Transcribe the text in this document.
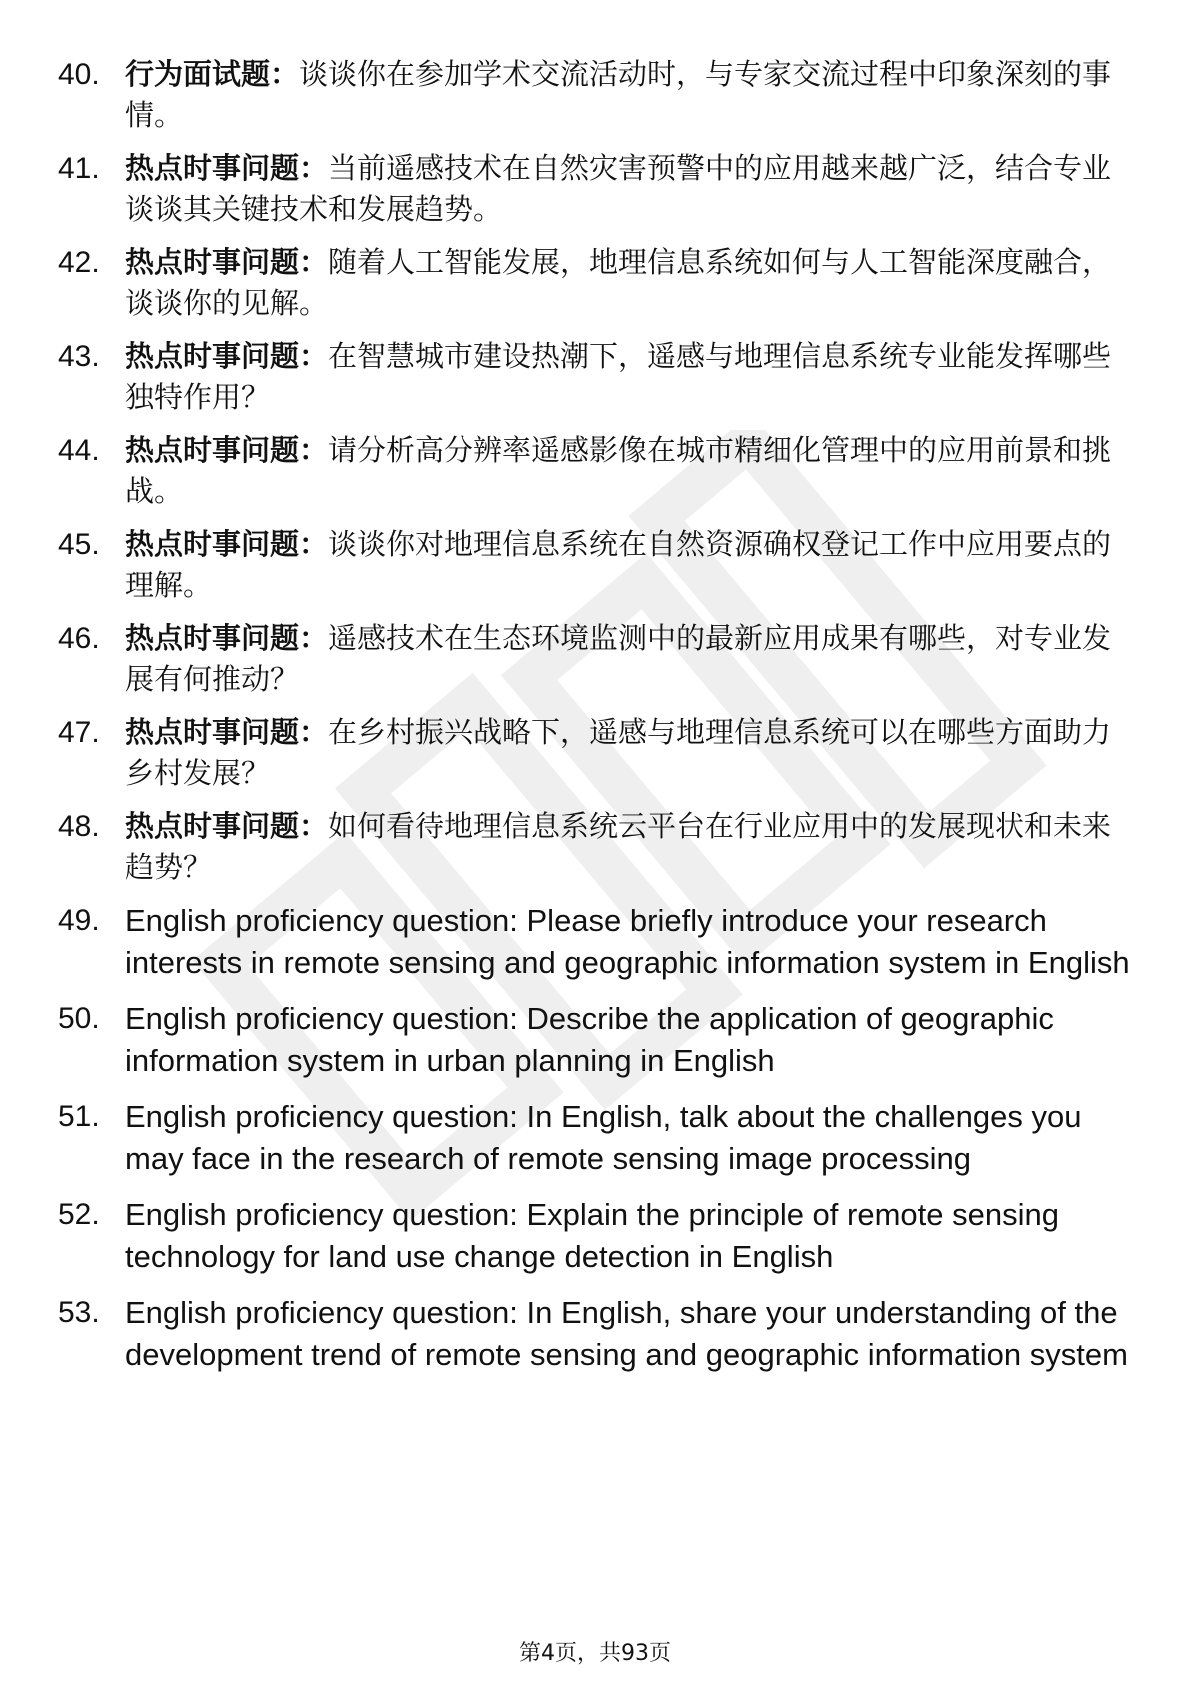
40. 行为面试题：谈谈你在参加学术交流活动时，与专家交流过程中印象深刻的事情。
41. 热点时事问题：当前遥感技术在自然灾害预警中的应用越来越广泛，结合专业谈谈其关键技术和发展趋势。
42. 热点时事问题：随着人工智能发展，地理信息系统如何与人工智能深度融合，谈谈你的见解。
43. 热点时事问题：在智慧城市建设热潮下，遥感与地理信息系统专业能发挥哪些独特作用？
44. 热点时事问题：请分析高分辨率遥感影像在城市精细化管理中的应用前景和挑战。
45. 热点时事问题：谈谈你对地理信息系统在自然资源确权登记工作中应用要点的理解。
46. 热点时事问题：遥感技术在生态环境监测中的最新应用成果有哪些，对专业发展有何推动？
47. 热点时事问题：在乡村振兴战略下，遥感与地理信息系统可以在哪些方面助力乡村发展？
48. 热点时事问题：如何看待地理信息系统云平台在行业应用中的发展现状和未来趋势？
49. English proficiency question: Please briefly introduce your research interests in remote sensing and geographic information system in English
50. English proficiency question: Describe the application of geographic information system in urban planning in English
51. English proficiency question: In English, talk about the challenges you may face in the research of remote sensing image processing
52. English proficiency question: Explain the principle of remote sensing technology for land use change detection in English
53. English proficiency question: In English, share your understanding of the development trend of remote sensing and geographic information system
第4页，共93页
